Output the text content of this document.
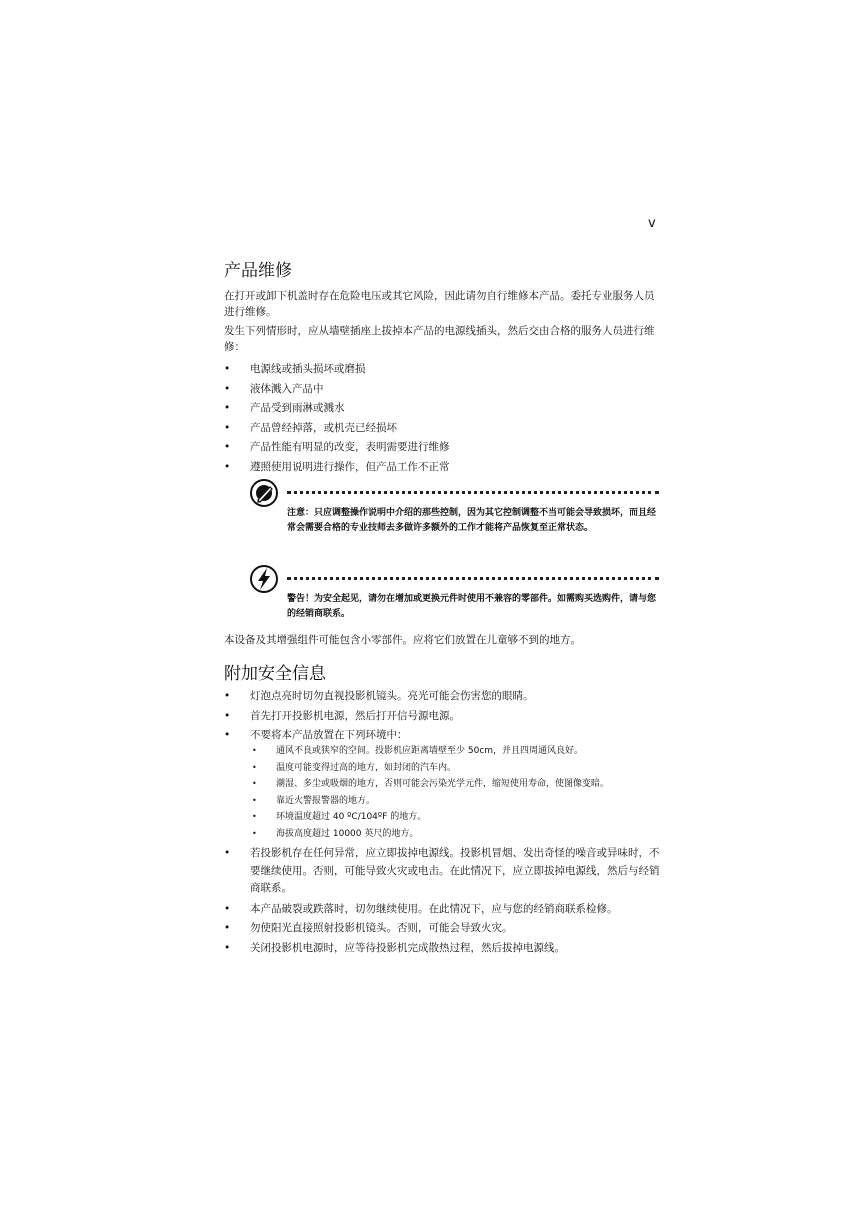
v
产品维修

在打开或卸下机盖时存在危险电压或其它风险，因此请勿自行维修本产品。委托专业服务人员进行维修。

发生下列情形时，应从墙壁插座上拔掉本产品的电源线插头，然后交由合格的服务人员进行维修：

• 电源线或插头损坏或磨损
• 液体溅入产品中
• 产品受到雨淋或溅水
• 产品曾经掉落，或机壳已经损坏
• 产品性能有明显的改变，表明需要进行维修
• 遵照使用说明进行操作，但产品工作不正常

注意：只应调整操作说明中介绍的那些控制，因为其它控制调整不当可能会导致损坏，而且经常会需要合格的专业技师去多做许多额外的工作才能将产品恢复至正常状态。

警告！为安全起见，请勿在增加或更换元件时使用不兼容的零部件。如需购买选购件，请与您的经销商联系。

本设备及其增强组件可能包含小零部件。应将它们放置在儿童够不到的地方。

附加安全信息
• 灯泡点亮时切勿直视投影机镜头。亮光可能会伤害您的眼睛。
• 首先打开投影机电源，然后打开信号源电源。
• 不要将本产品放置在下列环境中：
• 通风不良或狭窄的空间。投影机应距离墙壁至少 50cm，并且四周通风良好。
• 温度可能变得过高的地方，如封闭的汽车内。
• 潮湿、多尘或吸烟的地方，否则可能会污染光学元件，缩短使用寿命，使图像变暗。
• 靠近火警报警器的地方。
• 环境温度超过 40 ºC/104ºF 的地方。
• 海拔高度超过 10000 英尺的地方。
• 若投影机存在任何异常，应立即拔掉电源线。投影机冒烟、发出奇怪的噪音或异味时，不要继续使用。否则，可能导致火灾或电击。在此情况下，应立即拔掉电源线，然后与经销商联系。
• 本产品破裂或跌落时，切勿继续使用。在此情况下，应与您的经销商联系检修。
• 勿使阳光直接照射投影机镜头。否则，可能会导致火灾。
• 关闭投影机电源时，应等待投影机完成散热过程，然后拔掉电源线。
